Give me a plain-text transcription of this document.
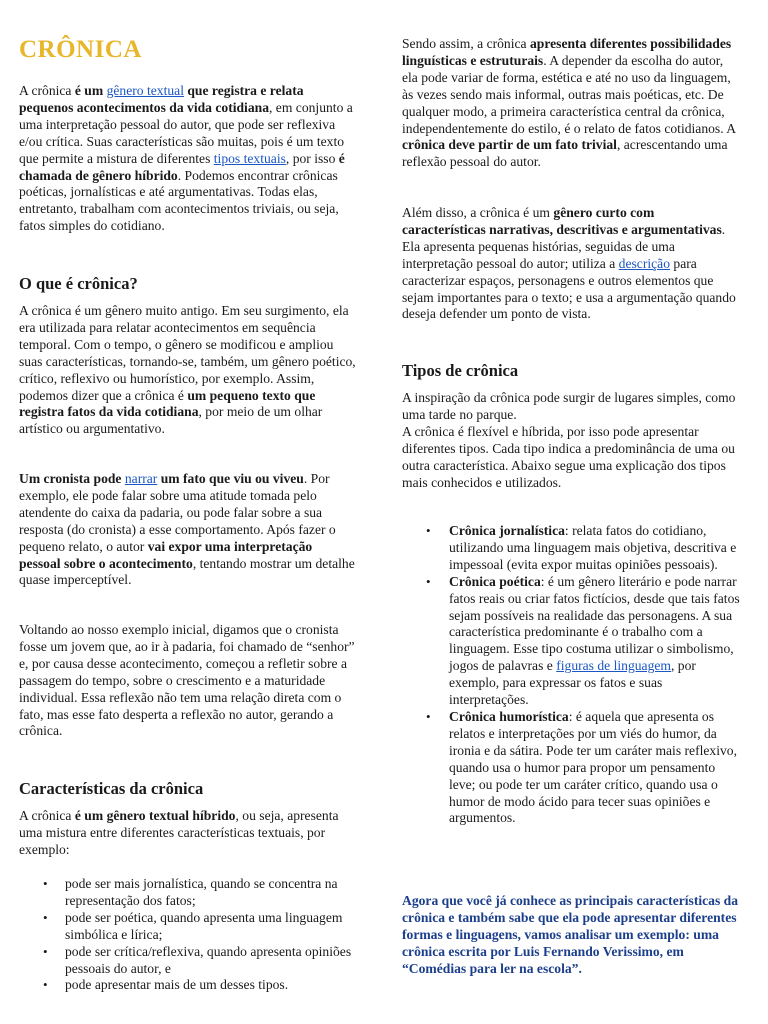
CRÔNICA

A crônica é um gênero textual que registra e relata pequenos acontecimentos da vida cotidiana, em conjunto a uma interpretação pessoal do autor, que pode ser reflexiva e/ou crítica. Suas características são muitas, pois é um texto que permite a mistura de diferentes tipos textuais, por isso é chamada de gênero híbrido. Podemos encontrar crônicas poéticas, jornalísticas e até argumentativas. Todas elas, entretanto, trabalham com acontecimentos triviais, ou seja, fatos simples do cotidiano.

O que é crônica?

A crônica é um gênero muito antigo. Em seu surgimento, ela era utilizada para relatar acontecimentos em sequência temporal. Com o tempo, o gênero se modificou e ampliou suas características, tornando-se, também, um gênero poético, crítico, reflexivo ou humorístico, por exemplo. Assim, podemos dizer que a crônica é um pequeno texto que registra fatos da vida cotidiana, por meio de um olhar artístico ou argumentativo.

Um cronista pode narrar um fato que viu ou viveu. Por exemplo, ele pode falar sobre uma atitude tomada pelo atendente do caixa da padaria, ou pode falar sobre a sua resposta (do cronista) a esse comportamento. Após fazer o pequeno relato, o autor vai expor uma interpretação pessoal sobre o acontecimento, tentando mostrar um detalhe quase imperceptível.

Voltando ao nosso exemplo inicial, digamos que o cronista fosse um jovem que, ao ir à padaria, foi chamado de “senhor” e, por causa desse acontecimento, começou a refletir sobre a passagem do tempo, sobre o crescimento e a maturidade individual. Essa reflexão não tem uma relação direta com o fato, mas esse fato desperta a reflexão no autor, gerando a crônica.

Características da crônica

A crônica é um gênero textual híbrido, ou seja, apresenta uma mistura entre diferentes características textuais, por exemplo:

• pode ser mais jornalística, quando se concentra na representação dos fatos;
• pode ser poética, quando apresenta uma linguagem simbólica e lírica;
• pode ser crítica/reflexiva, quando apresenta opiniões pessoais do autor, e
• pode apresentar mais de um desses tipos.

Sendo assim, a crônica apresenta diferentes possibilidades linguísticas e estruturais. A depender da escolha do autor, ela pode variar de forma, estética e até no uso da linguagem, às vezes sendo mais informal, outras mais poéticas, etc. De qualquer modo, a primeira característica central da crônica, independentemente do estilo, é o relato de fatos cotidianos. A crônica deve partir de um fato trivial, acrescentando uma reflexão pessoal do autor.

Além disso, a crônica é um gênero curto com características narrativas, descritivas e argumentativas. Ela apresenta pequenas histórias, seguidas de uma interpretação pessoal do autor; utiliza a descrição para caracterizar espaços, personagens e outros elementos que sejam importantes para o texto; e usa a argumentação quando deseja defender um ponto de vista.

Tipos de crônica

A inspiração da crônica pode surgir de lugares simples, como uma tarde no parque.

A crônica é flexível e híbrida, por isso pode apresentar diferentes tipos. Cada tipo indica a predominância de uma ou outra característica. Abaixo segue uma explicação dos tipos mais conhecidos e utilizados.

• Crônica jornalística: relata fatos do cotidiano, utilizando uma linguagem mais objetiva, descritiva e impessoal (evita expor muitas opiniões pessoais).
• Crônica poética: é um gênero literário e pode narrar fatos reais ou criar fatos fictícios, desde que tais fatos sejam possíveis na realidade das personagens. A sua característica predominante é o trabalho com a linguagem. Esse tipo costuma utilizar o simbolismo, jogos de palavras e figuras de linguagem, por exemplo, para expressar os fatos e suas interpretações.
• Crônica humorística: é aquela que apresenta os relatos e interpretações por um viés do humor, da ironia e da sátira. Pode ter um caráter mais reflexivo, quando usa o humor para propor um pensamento leve; ou pode ter um caráter crítico, quando usa o humor de modo ácido para tecer suas opiniões e argumentos.

Agora que você já conhece as principais características da crônica e também sabe que ela pode apresentar diferentes formas e linguagens, vamos analisar um exemplo: uma crônica escrita por Luis Fernando Verissimo, em “Comédias para ler na escola”.
